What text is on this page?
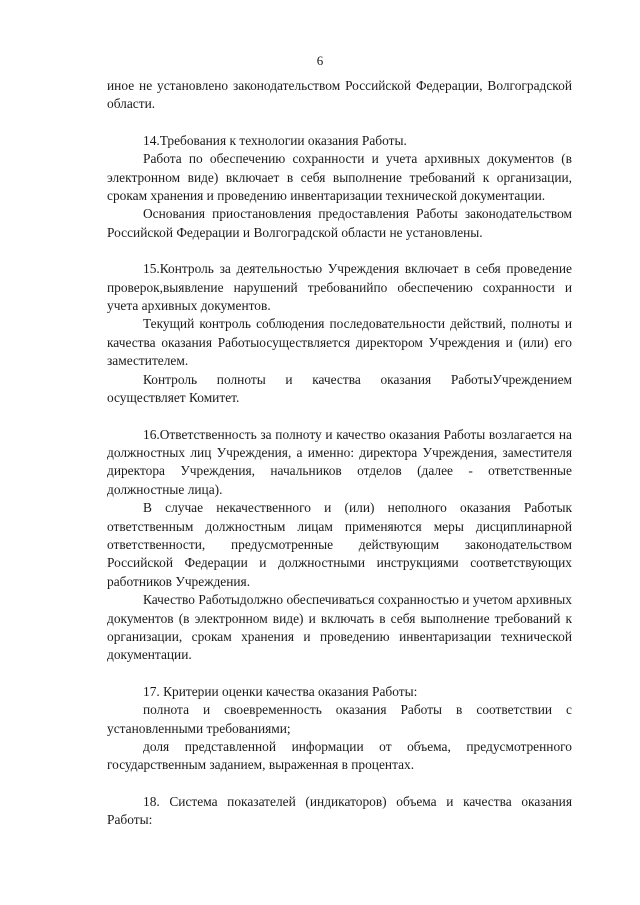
6

иное не установлено законодательством Российской Федерации, Волгоградской области.

14.Требования к технологии оказания Работы.

Работа по обеспечению сохранности и учета архивных документов (в электронном виде) включает в себя выполнение требований к организации, срокам хранения и проведению инвентаризации технической документации.

Основания приостановления предоставления Работы законодательством Российской Федерации и Волгоградской области не установлены.

15.Контроль за деятельностью Учреждения включает в себя проведение проверок,выявление нарушений требованийпо обеспечению сохранности и учета архивных документов.

Текущий контроль соблюдения последовательности действий, полноты и качества оказания Работыосуществляется директором Учреждения и (или) его заместителем.

Контроль полноты и качества оказания РаботыУчреждением осуществляет Комитет.

16.Ответственность за полноту и качество оказания Работы возлагается на должностных лиц Учреждения, а именно: директора Учреждения, заместителя директора Учреждения, начальников отделов (далее - ответственные должностные лица).

В случае некачественного и (или) неполного оказания Работык ответственным должностным лицам применяются меры дисциплинарной ответственности, предусмотренные действующим законодательством Российской Федерации и должностными инструкциями соответствующих работников Учреждения.

Качество Работыдолжно обеспечиваться сохранностью и учетом архивных документов (в электронном виде) и включать в себя выполнение требований к организации, срокам хранения и проведению инвентаризации технической документации.

17. Критерии оценки качества оказания Работы:

полнота и своевременность оказания Работы в соответствии с установленными требованиями;

доля представленной информации от объема, предусмотренного государственным заданием, выраженная в процентах.

18. Система показателей (индикаторов) объема и качества оказания Работы:
